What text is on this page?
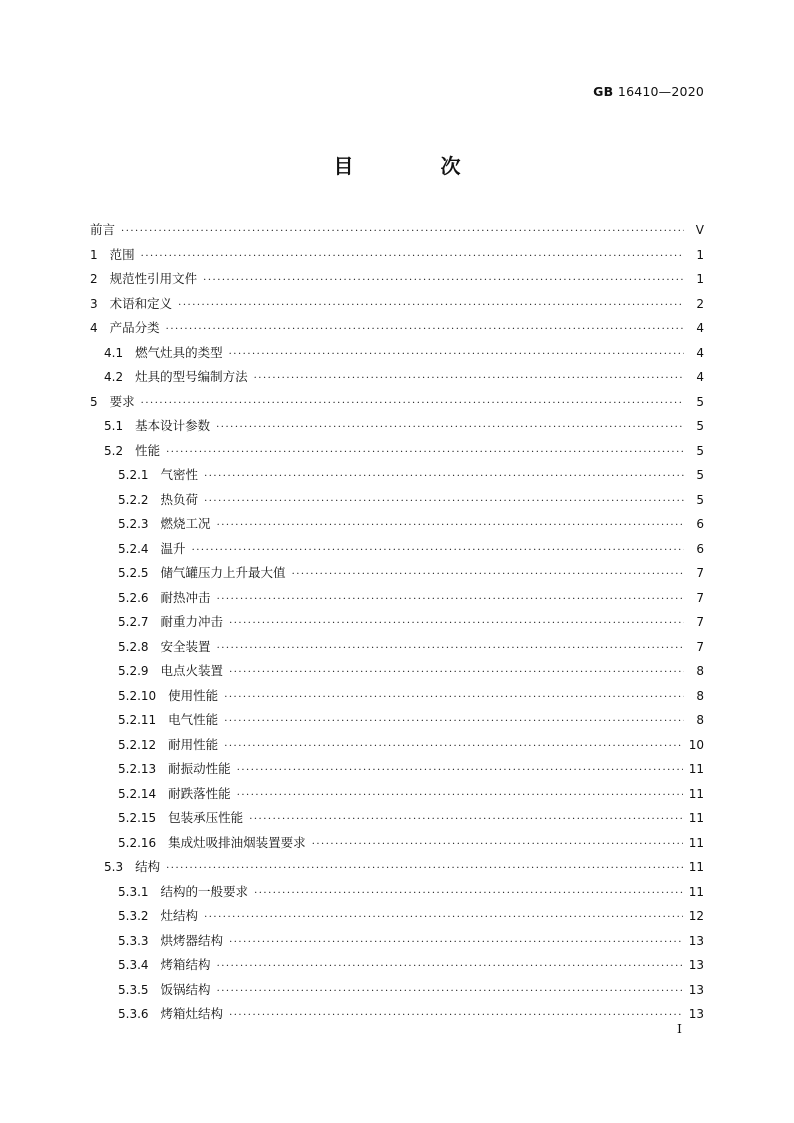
GB 16410—2020
目 次
前言 ·····	V
1 范围 ·····	1
2 规范性引用文件 ·····	1
3 术语和定义 ·····	2
4 产品分类 ·····	4
4.1 燃气灶具的类型 ·····	4
4.2 灶具的型号编制方法 ·····	4
5 要求 ·····	5
5.1 基本设计参数 ·····	5
5.2 性能 ·····	5
5.2.1 气密性 ·····	5
5.2.2 热负荷 ·····	5
5.2.3 燃烧工况 ·····	6
5.2.4 温升 ·····	6
5.2.5 储气罐压力上升最大值 ·····	7
5.2.6 耐热冲击 ·····	7
5.2.7 耐重力冲击 ·····	7
5.2.8 安全装置 ·····	7
5.2.9 电点火装置 ·····	8
5.2.10 使用性能 ·····	8
5.2.11 电气性能 ·····	8
5.2.12 耐用性能 ·····	10
5.2.13 耐振动性能 ·····	11
5.2.14 耐跌落性能 ·····	11
5.2.15 包装承压性能 ·····	11
5.2.16 集成灶吸排油烟装置要求 ·····	11
5.3 结构 ·····	11
5.3.1 结构的一般要求 ·····	11
5.3.2 灶结构 ·····	12
5.3.3 烘烤器结构 ·····	13
5.3.4 烤箱结构 ·····	13
5.3.5 饭锅结构 ·····	13
5.3.6 烤箱灶结构 ·····	13
I
